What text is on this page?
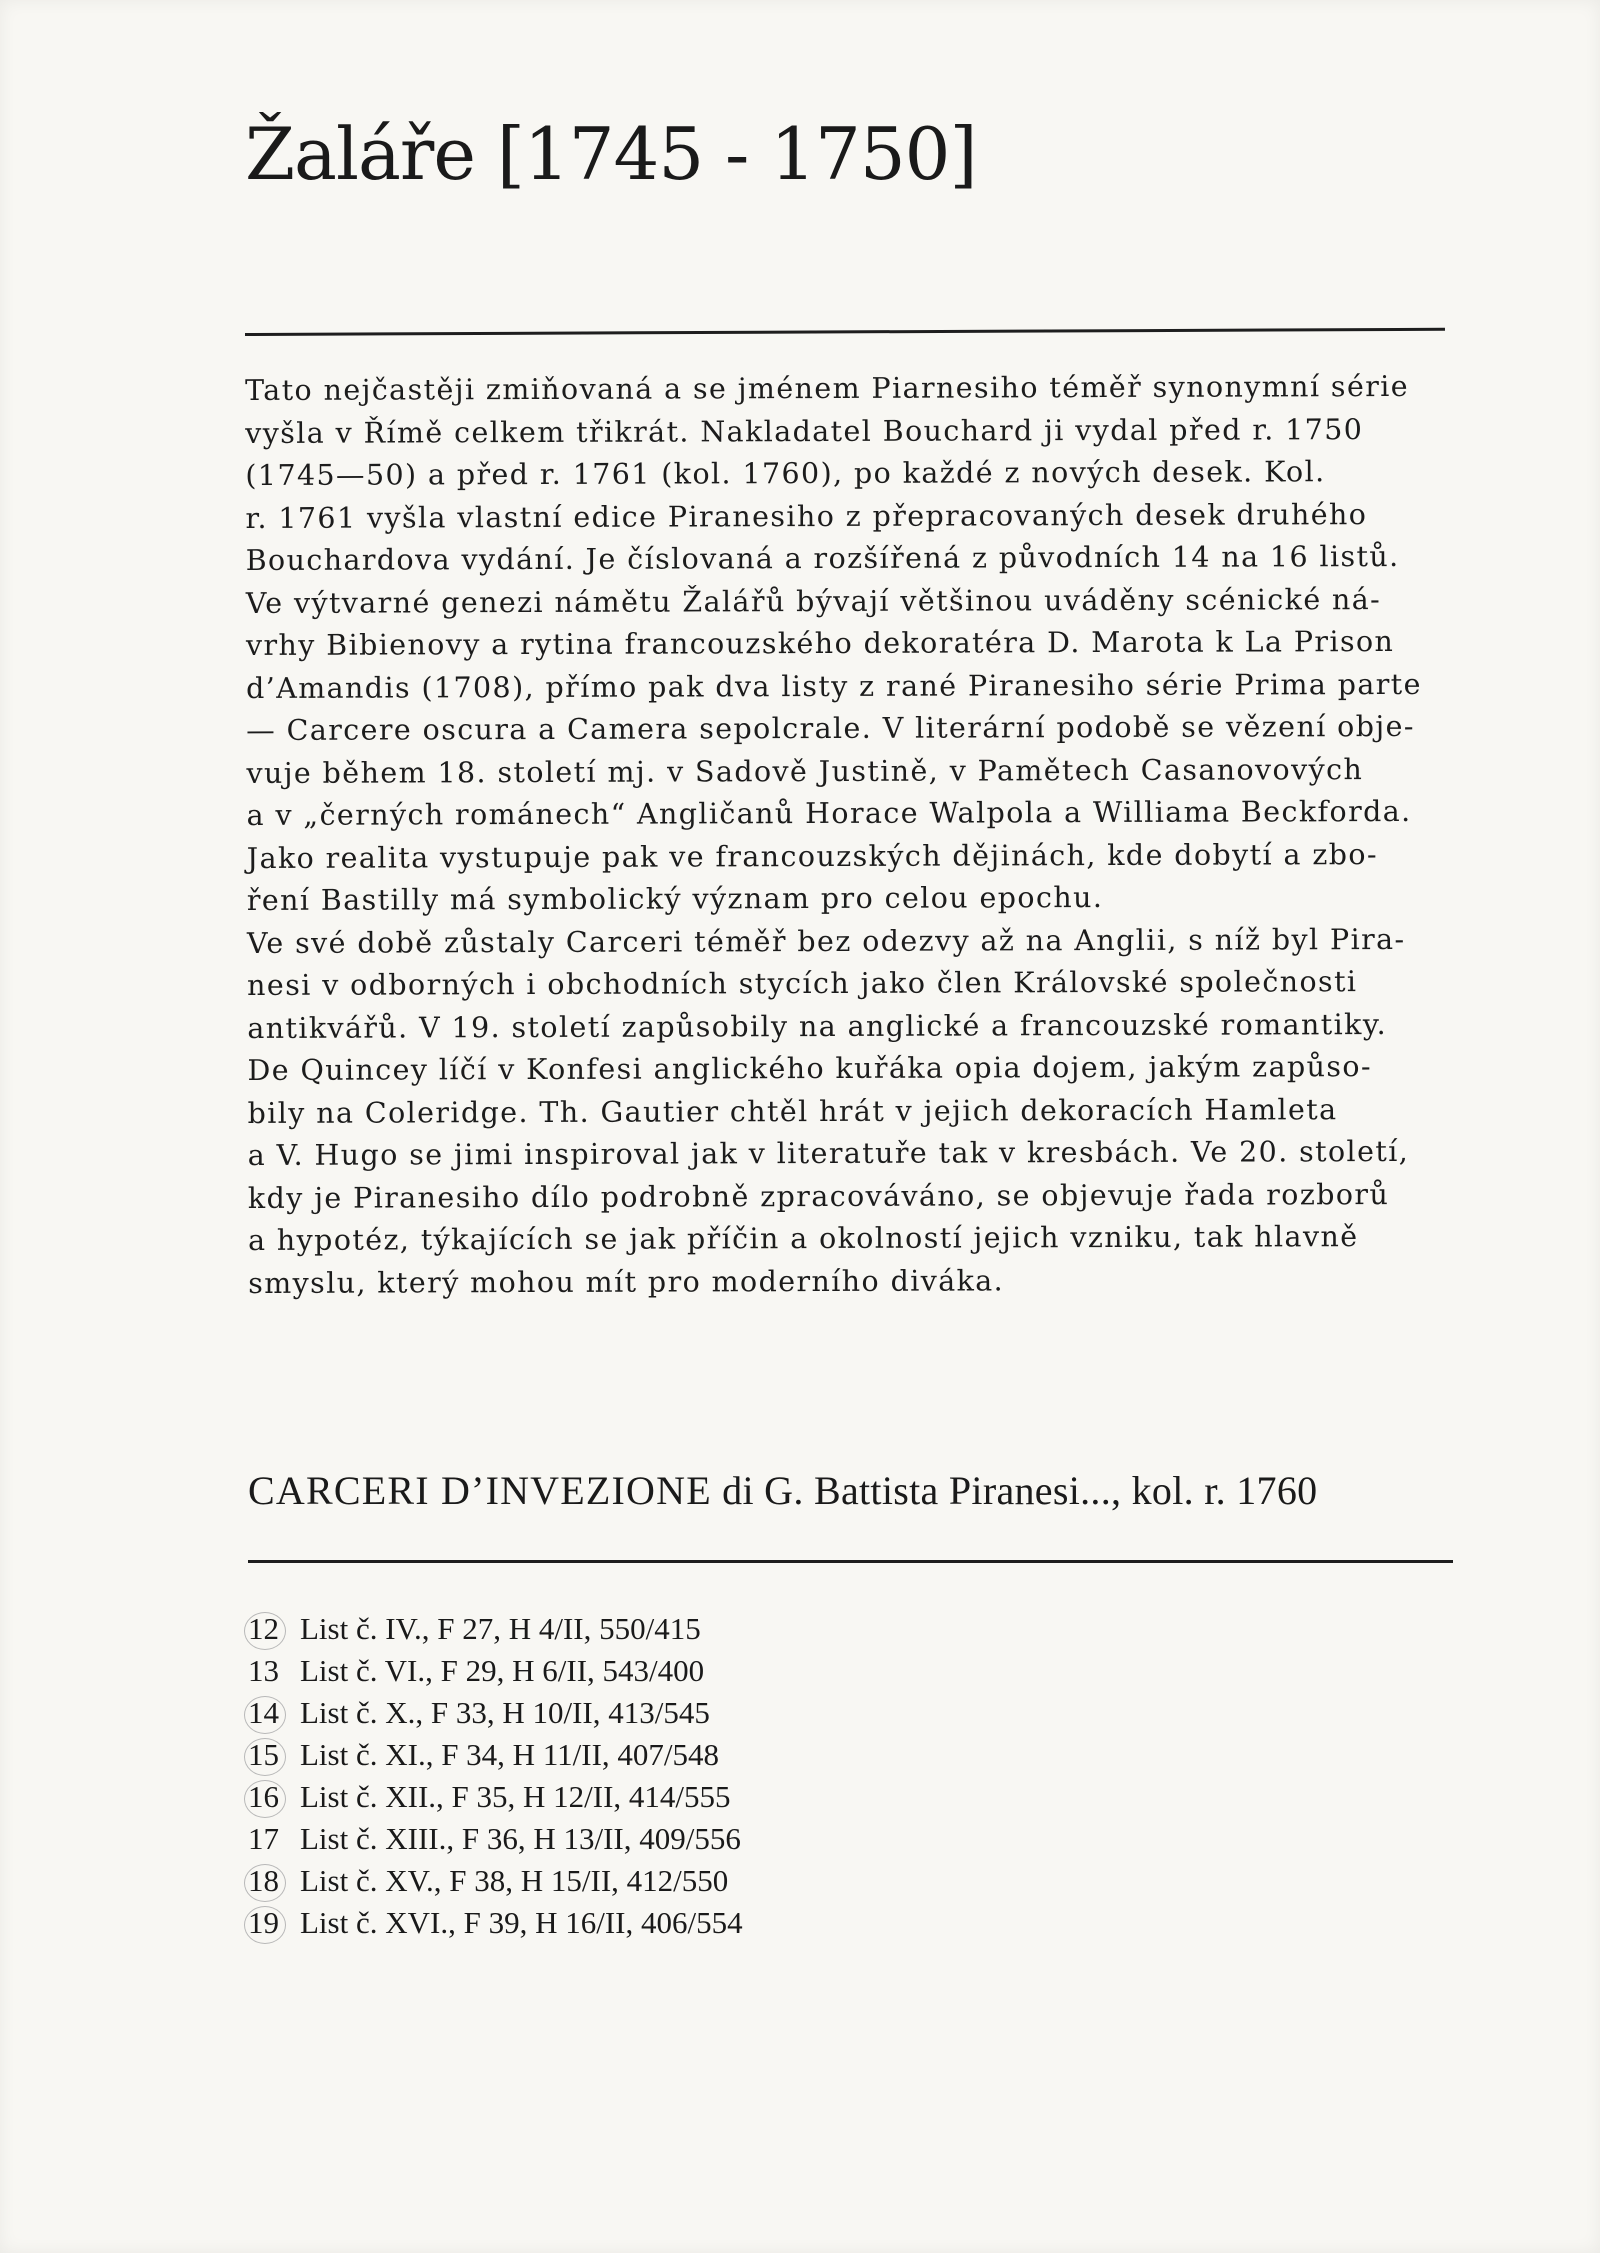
Žaláře [1745 - 1750]
Tato nejčastěji zmiňovaná a se jménem Piarnesiho téměř synonymní série
vyšla v Římě celkem třikrát. Nakladatel Bouchard ji vydal před r. 1750
(1745—50) a před r. 1761 (kol. 1760), po každé z nových desek. Kol.
r. 1761 vyšla vlastní edice Piranesiho z přepracovaných desek druhého
Bouchardova vydání. Je číslovaná a rozšířená z původních 14 na 16 listů.
Ve výtvarné genezi námětu Žalářů bývají většinou uváděny scénické ná-
vrhy Bibienovy a rytina francouzského dekoratéra D. Marota k La Prison
d’Amandis (1708), přímo pak dva listy z rané Piranesiho série Prima parte
— Carcere oscura a Camera sepolcrale. V literární podobě se vězení obje-
vuje během 18. století mj. v Sadově Justině, v Pamětech Casanovových
a v „černých románech“ Angličanů Horace Walpola a Williama Beckforda.
Jako realita vystupuje pak ve francouzských dějinách, kde dobytí a zbo-
ření Bastilly má symbolický význam pro celou epochu.
Ve své době zůstaly Carceri téměř bez odezvy až na Anglii, s níž byl Pira-
nesi v odborných i obchodních stycích jako člen Královské společnosti
antikvářů. V 19. století zapůsobily na anglické a francouzské romantiky.
De Quincey líčí v Konfesi anglického kuřáka opia dojem, jakým zapůso-
bily na Coleridge. Th. Gautier chtěl hrát v jejich dekoracích Hamleta
a V. Hugo se jimi inspiroval jak v literatuře tak v kresbách. Ve 20. století,
kdy je Piranesiho dílo podrobně zpracováváno, se objevuje řada rozborů
a hypotéz, týkajících se jak příčin a okolností jejich vzniku, tak hlavně
smyslu, který mohou mít pro moderního diváka.
CARCERI D’INVEZIONE di G. Battista Piranesi..., kol. r. 1760
12 List č. IV., F 27, H 4/II, 550/415
13 List č. VI., F 29, H 6/II, 543/400
14 List č. X., F 33, H 10/II, 413/545
15 List č. XI., F 34, H 11/II, 407/548
16 List č. XII., F 35, H 12/II, 414/555
17 List č. XIII., F 36, H 13/II, 409/556
18 List č. XV., F 38, H 15/II, 412/550
19 List č. XVI., F 39, H 16/II, 406/554
